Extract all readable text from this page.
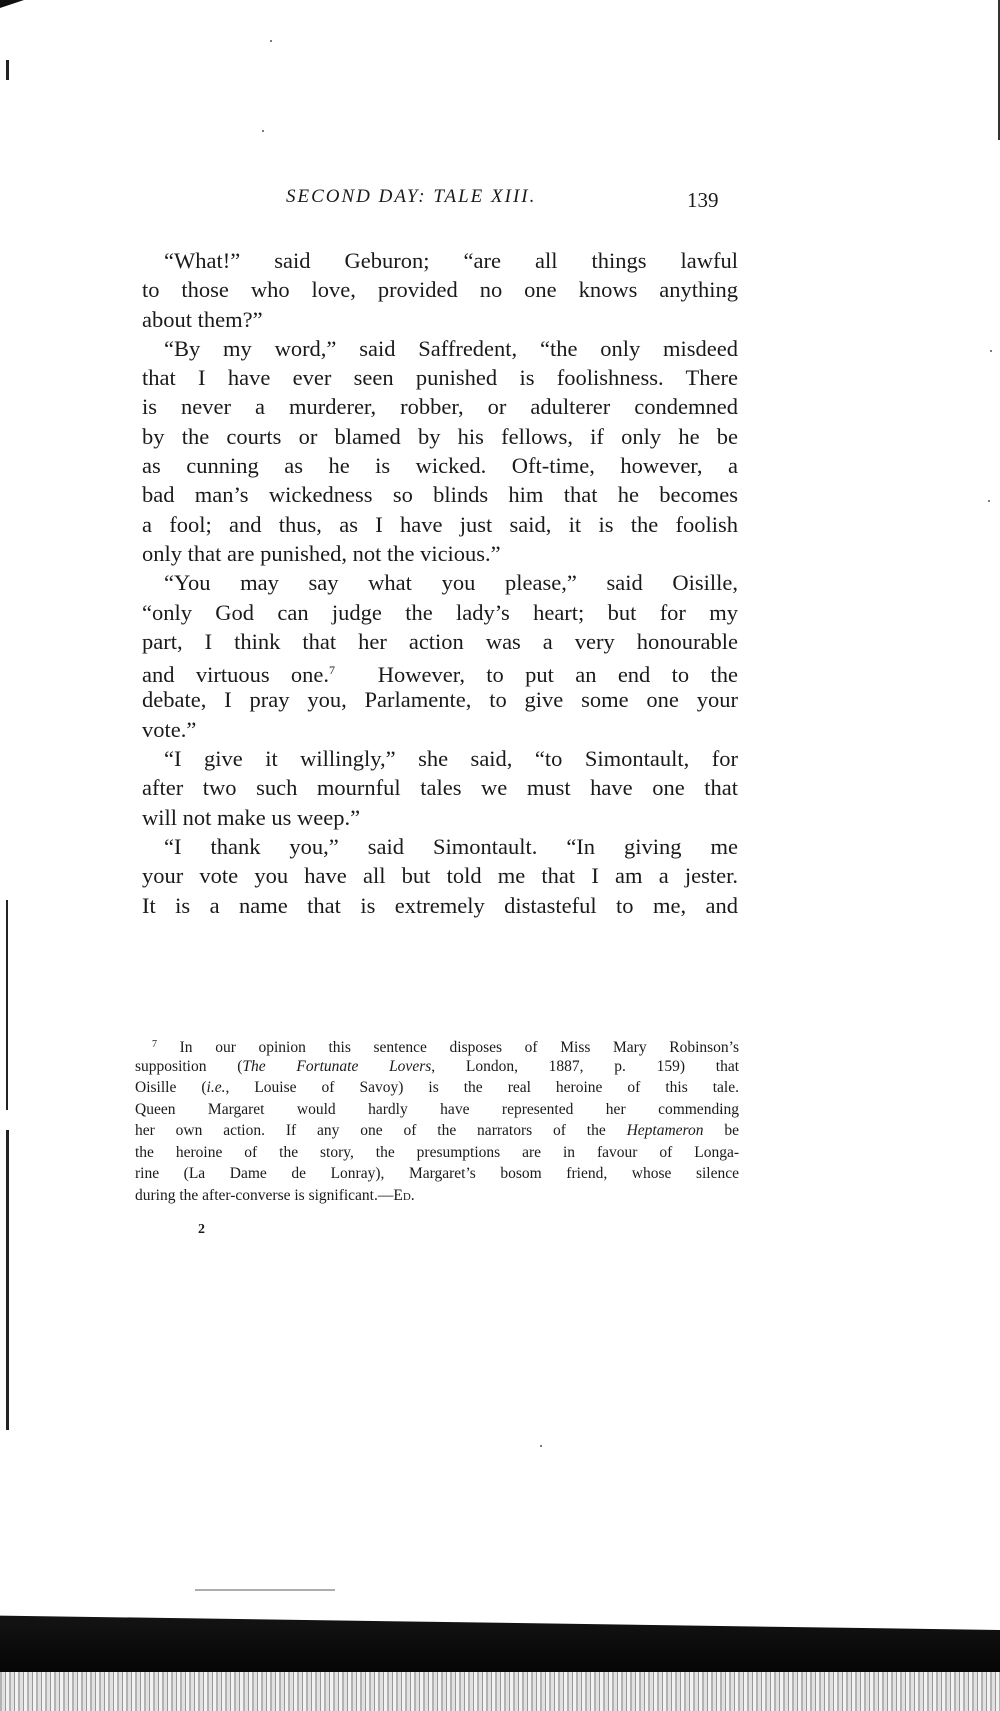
SECOND DAY: TALE XIII.	139
“What!” said Geburon; “are all things lawful
to those who love, provided no one knows anything
about them?”
“By my word,” said Saffredent, “the only misdeed
that I have ever seen punished is foolishness. There
is never a murderer, robber, or adulterer condemned
by the courts or blamed by his fellows, if only he be
as cunning as he is wicked. Oft-time, however, a
bad man’s wickedness so blinds him that he becomes
a fool; and thus, as I have just said, it is the foolish
only that are punished, not the vicious.”
“You may say what you please,” said Oisille,
“only God can judge the lady’s heart; but for my
part, I think that her action was a very honourable
and virtuous one.$^7$ However, to put an end to the
debate, I pray you, Parlamente, to give some one your
vote.”
“I give it willingly,” she said, “to Simontault, for
after two such mournful tales we must have one that
will not make us weep.”
“I thank you,” said Simontault. “In giving me
your vote you have all but told me that I am a jester.
It is a name that is extremely distasteful to me, and
$^7$ In our opinion this sentence disposes of Miss Mary Robinson’s
supposition (The Fortunate Lovers, London, 1887, p. 159) that
Oisille (i.e., Louise of Savoy) is the real heroine of this tale.
Queen Margaret would hardly have represented her commending
her own action. If any one of the narrators of the Heptameron be
the heroine of the story, the presumptions are in favour of Longa-
rine (La Dame de Lonray), Margaret’s bosom friend, whose silence
during the after-converse is significant.—Ed.
2
